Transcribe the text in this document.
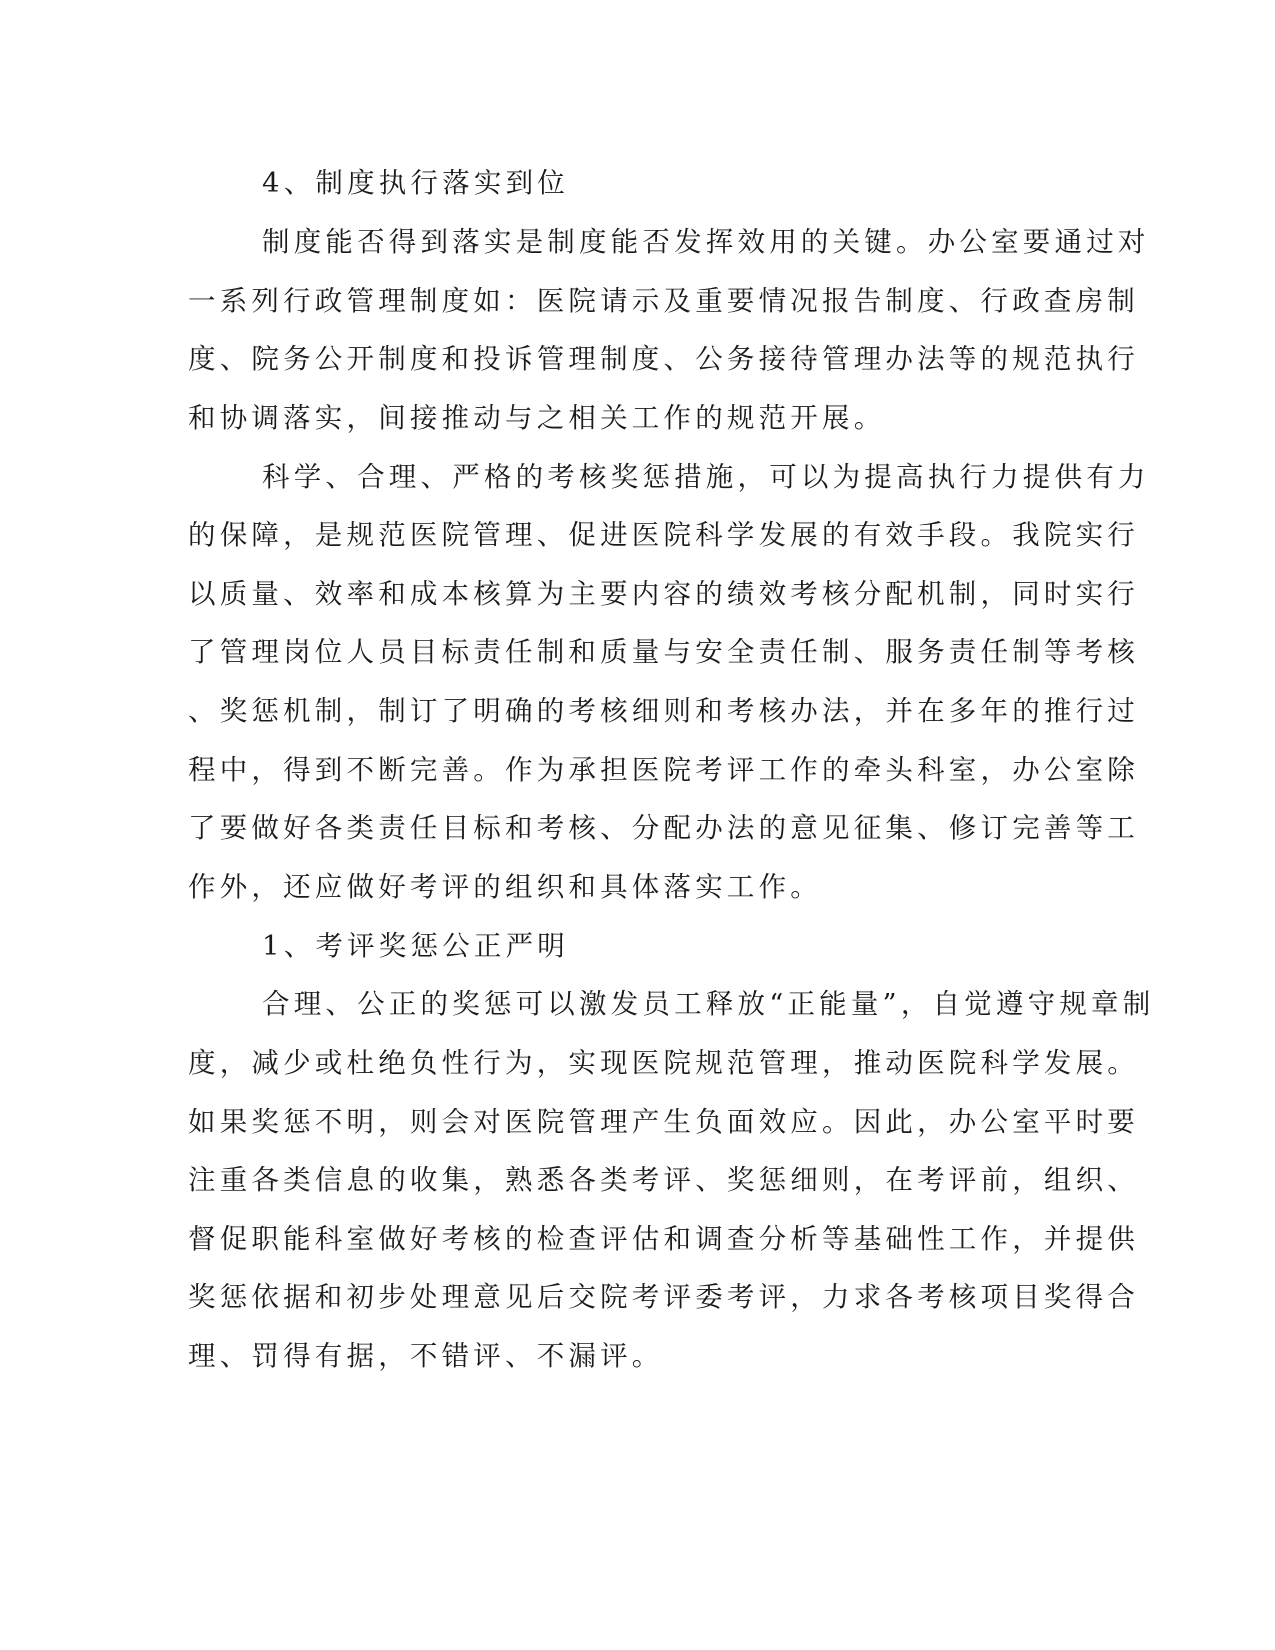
4、制度执行落实到位
制度能否得到落实是制度能否发挥效用的关键。办公室要通过对
一系列行政管理制度如：医院请示及重要情况报告制度、行政查房制
度、院务公开制度和投诉管理制度、公务接待管理办法等的规范执行
和协调落实，间接推动与之相关工作的规范开展。
科学、合理、严格的考核奖惩措施，可以为提高执行力提供有力
的保障，是规范医院管理、促进医院科学发展的有效手段。我院实行
以质量、效率和成本核算为主要内容的绩效考核分配机制，同时实行
了管理岗位人员目标责任制和质量与安全责任制、服务责任制等考核
、奖惩机制，制订了明确的考核细则和考核办法，并在多年的推行过
程中，得到不断完善。作为承担医院考评工作的牵头科室，办公室除
了要做好各类责任目标和考核、分配办法的意见征集、修订完善等工
作外，还应做好考评的组织和具体落实工作。
1、考评奖惩公正严明
合理、公正的奖惩可以激发员工释放“正能量”，自觉遵守规章制
度，减少或杜绝负性行为，实现医院规范管理，推动医院科学发展。
如果奖惩不明，则会对医院管理产生负面效应。因此，办公室平时要
注重各类信息的收集，熟悉各类考评、奖惩细则，在考评前，组织、
督促职能科室做好考核的检查评估和调查分析等基础性工作，并提供
奖惩依据和初步处理意见后交院考评委考评，力求各考核项目奖得合
理、罚得有据，不错评、不漏评。
